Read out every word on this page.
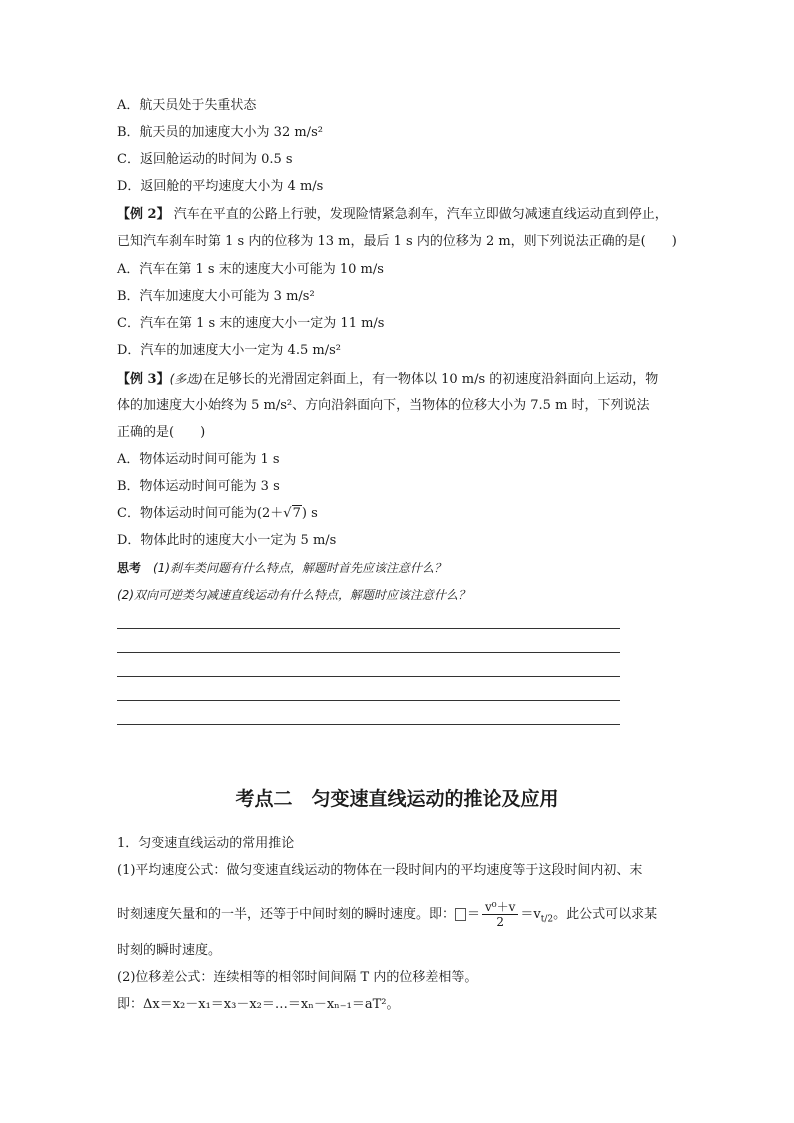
A．航天员处于失重状态
B．航天员的加速度大小为 32 m/s²
C．返回舱运动的时间为 0.5 s
D．返回舱的平均速度大小为 4 m/s
【例 2】 汽车在平直的公路上行驶，发现险情紧急刹车，汽车立即做匀减速直线运动直到停止，
已知汽车刹车时第 1 s 内的位移为 13 m，最后 1 s 内的位移为 2 m，则下列说法正确的是(　　)
A．汽车在第 1 s 末的速度大小可能为 10 m/s
B．汽车加速度大小可能为 3 m/s²
C．汽车在第 1 s 末的速度大小一定为 11 m/s
D．汽车的加速度大小一定为 4.5 m/s²
【例 3】(多选)在足够长的光滑固定斜面上，有一物体以 10 m/s 的初速度沿斜面向上运动，物
体的加速度大小始终为 5 m/s²、方向沿斜面向下，当物体的位移大小为 7.5 m 时，下列说法
正确的是(　　)
A．物体运动时间可能为 1 s
B．物体运动时间可能为 3 s
C．物体运动时间可能为(2＋√7) s
D．物体此时的速度大小一定为 5 m/s
思考　(1)刹车类问题有什么特点，解题时首先应该注意什么？
(2)双向可逆类匀减速直线运动有什么特点，解题时应该注意什么？
考点二　匀变速直线运动的推论及应用
1．匀变速直线运动的常用推论
(1)平均速度公式：做匀变速直线运动的物体在一段时间内的平均速度等于这段时间内初、末
时刻速度矢量和的一半，还等于中间时刻的瞬时速度。即： ＝ $\frac{\text{v⁰＋v}}{2} =v_{t/2}$。此公式可以求某
时刻的瞬时速度。
(2)位移差公式：连续相等的相邻时间间隔 T 内的位移差相等。
即：Δx＝x₂－x₁＝x₃－x₂＝…＝xₙ－xₙ₋₁＝aT²。
